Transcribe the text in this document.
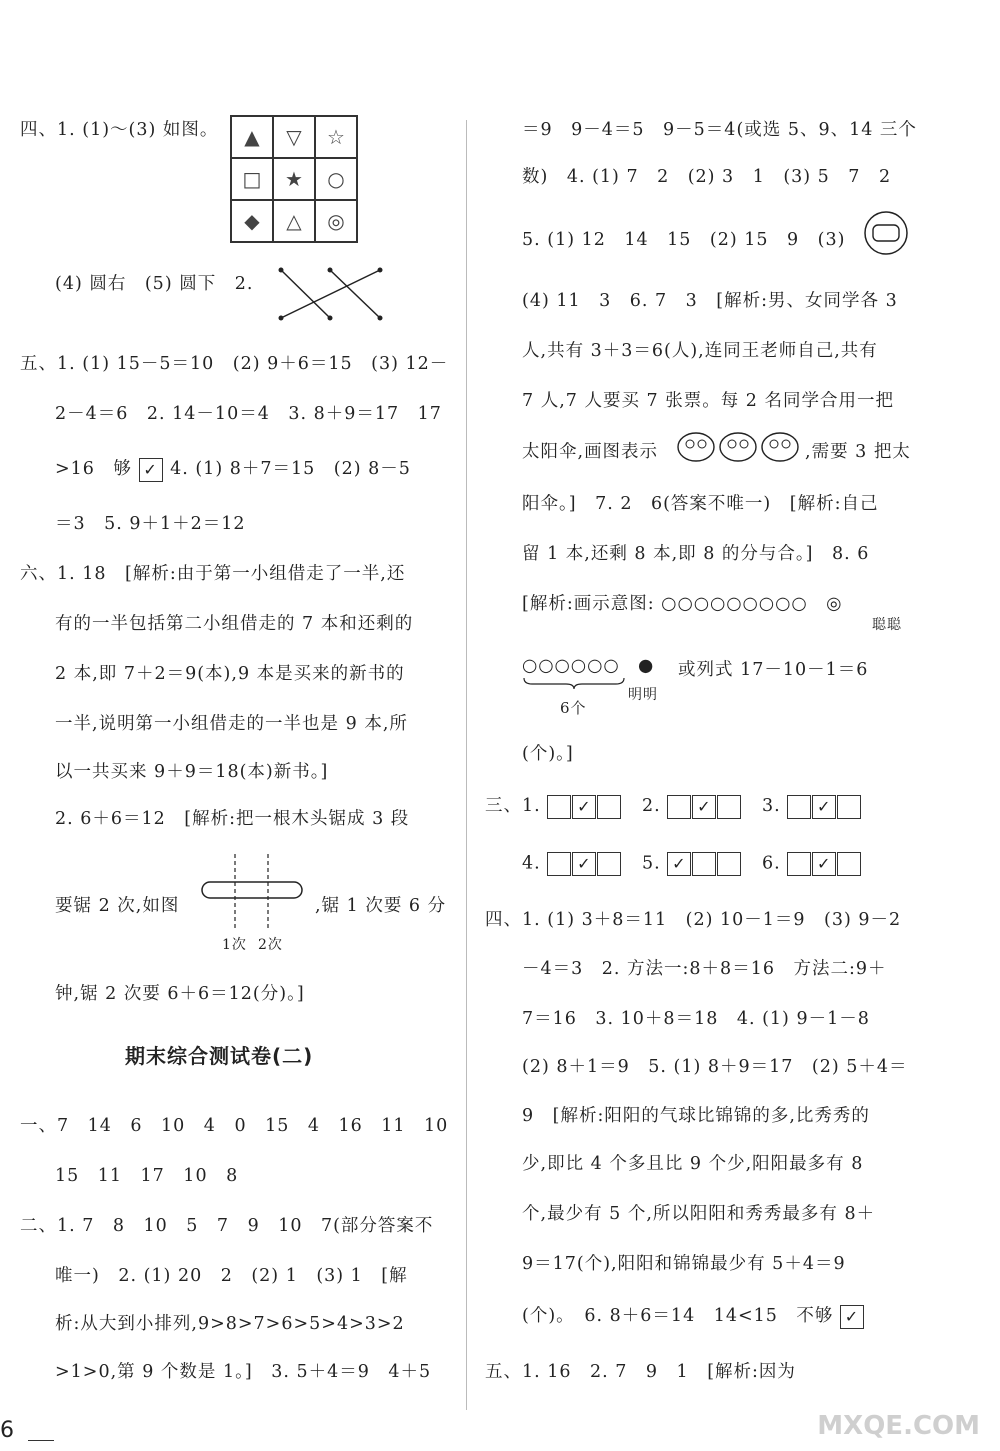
四、1. (1)～(3) 如图。	▲	▽	☆
□	★	○
◆	△	◎
(4) 圆右　(5) 圆下　2.
五、1. (1) 15－5＝10　(2) 9＋6＝15　(3) 12－
2－4＝6　2. 14－10＝4　3. 8＋9＝17　17
>16　够 ✓ 4. (1) 8＋7＝15　(2) 8－5
＝3　5. 9＋1＋2＝12
六、1. 18　[解析:由于第一小组借走了一半,还
有的一半包括第二小组借走的 7 本和还剩的
2 本,即 7＋2＝9(本),9 本是买来的新书的
一半,说明第一小组借走的一半也是 9 本,所
以一共买来 9＋9＝18(本)新书。]
2. 6＋6＝12　[解析:把一根木头锯成 3 段
要锯 2 次,如图	,锯 1 次要 6 分
1次 2次
钟,锯 2 次要 6＋6＝12(分)。]
期末综合测试卷(二)
一、7　14　6　10　4　0　15　4　16　11　10
15　11　17　10　8
二、1. 7　8　10　5　7　9　10　7(部分答案不
唯一)　2. (1) 20　2　(2) 1　(3) 1　[解
析:从大到小排列,9>8>7>6>5>4>3>2
>1>0,第 9 个数是 1。]　3. 5＋4＝9　4＋5
＝9　9－4＝5　9－5＝4(或选 5、9、14 三个
数)　4. (1) 7　2　(2) 3　1　(3) 5　7　2
5. (1) 12　14　15　(2) 15　9　(3)
(4) 11　3　6. 7　3　[解析:男、女同学各 3
人,共有 3＋3＝6(人),连同王老师自己,共有
7 人,7 人要买 7 张票。每 2 名同学合用一把
太阳伞,画图表示	,需要 3 把太
阳伞。]　7. 2　6(答案不唯一)　[解析:自己
留 1 本,还剩 8 本,即 8 的分与合。]　8. 6
[解析:画示意图: ○○○○○○○○○　◎
聪聪
○○○○○○ ● 或列式 17－10－1＝6
明明
6个
(个)。]
三、1. ✓	2. ✓	3. ✓
4. ✓	5. ✓	6. ✓
四、1. (1) 3＋8＝11　(2) 10－1＝9　(3) 9－2
－4＝3　2. 方法一:8＋8＝16　方法二:9＋
7＝16　3. 10＋8＝18　4. (1) 9－1－8
(2) 8＋1＝9　5. (1) 8＋9＝17　(2) 5＋4＝
9　[解析:阳阳的气球比锦锦的多,比秀秀的
少,即比 4 个多且比 9 个少,阳阳最多有 8
个,最少有 5 个,所以阳阳和秀秀最多有 8＋
9＝17(个),阳阳和锦锦最少有 5＋4＝9
(个)。　6. 8＋6＝14　14<15　不够 ✓
五、1. 16　2. 7　9　1　[解析:因为
6	MXQE.COM
